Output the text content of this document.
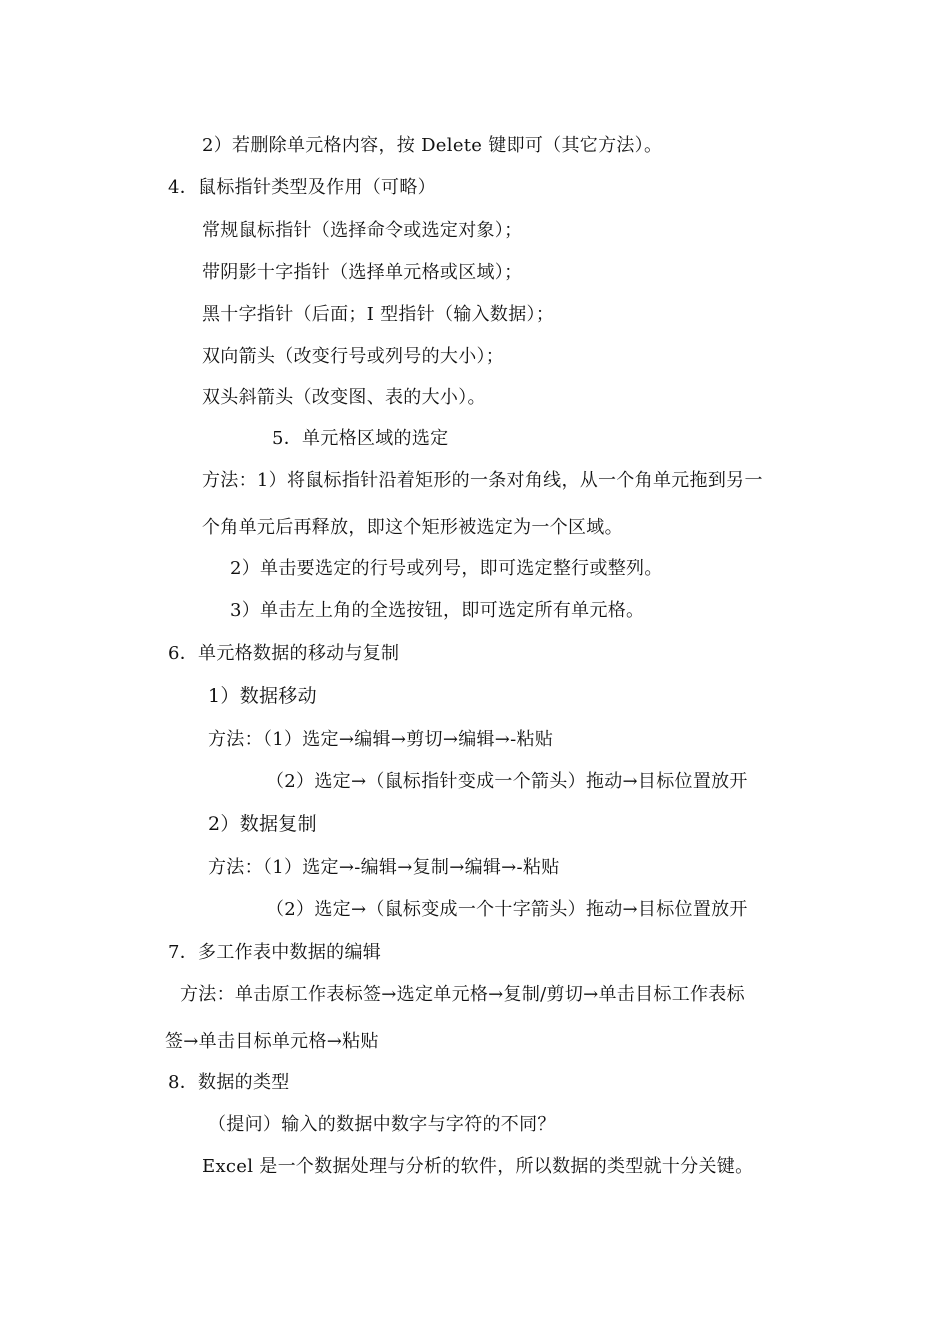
2）若删除单元格内容，按 Delete 键即可（其它方法）。
4．鼠标指针类型及作用（可略）
常规鼠标指针（选择命令或选定对象）；
带阴影十字指针（选择单元格或区域）；
黑十字指针（后面；I 型指针（输入数据）；
双向箭头（改变行号或列号的大小）；
双头斜箭头（改变图、表的大小）。
5．单元格区域的选定
方法：1）将鼠标指针沿着矩形的一条对角线，从一个角单元拖到另一
个角单元后再释放，即这个矩形被选定为一个区域。
2）单击要选定的行号或列号，即可选定整行或整列。
3）单击左上角的全选按钮，即可选定所有单元格。
6．单元格数据的移动与复制
1）数据移动
方法：（1）选定→编辑→剪切→编辑→-粘贴
（2）选定→（鼠标指针变成一个箭头）拖动→目标位置放开
2）数据复制
方法：（1）选定→-编辑→复制→编辑→-粘贴
（2）选定→（鼠标变成一个十字箭头）拖动→目标位置放开
7．多工作表中数据的编辑
方法：单击原工作表标签→选定单元格→复制/剪切→单击目标工作表标
签→单击目标单元格→粘贴
8．数据的类型
（提问）输入的数据中数字与字符的不同？
Excel 是一个数据处理与分析的软件，所以数据的类型就十分关键。
